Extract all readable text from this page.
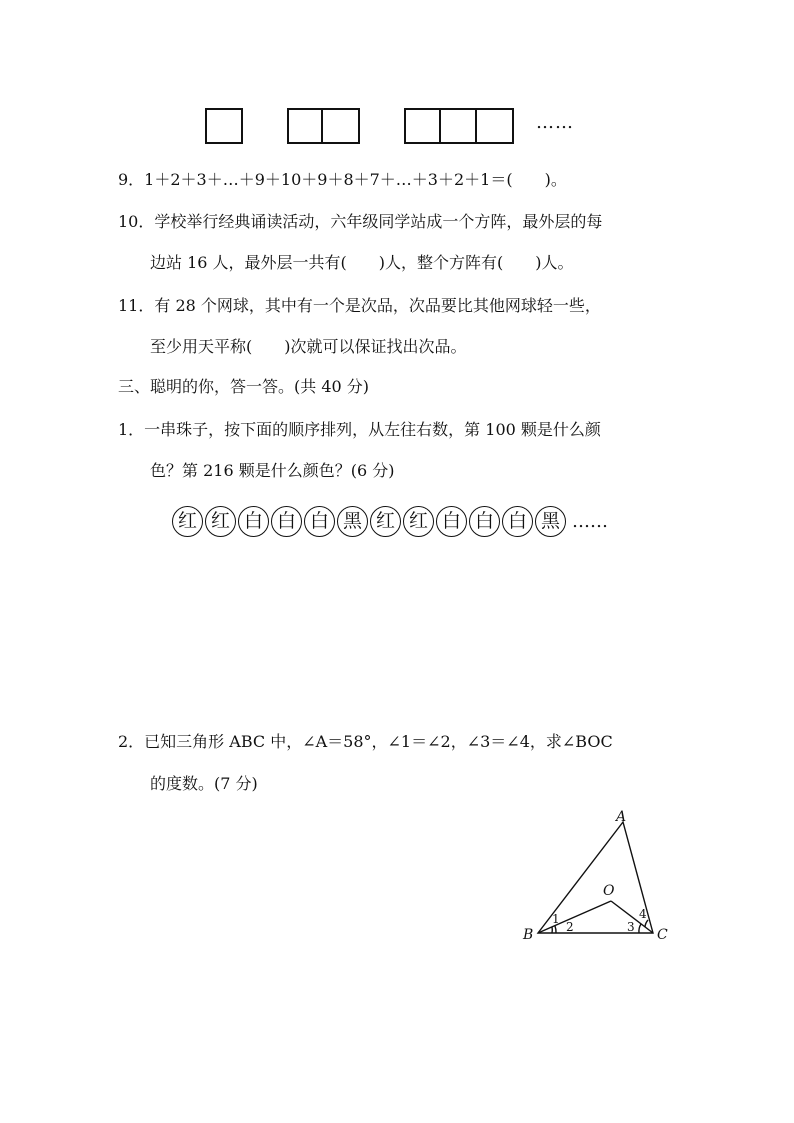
……
9．1＋2＋3＋…＋9＋10＋9＋8＋7＋…＋3＋2＋1＝(　　)。
10．学校举行经典诵读活动，六年级同学站成一个方阵，最外层的每
边站 16 人，最外层一共有(　　)人，整个方阵有(　　)人。
11．有 28 个网球，其中有一个是次品，次品要比其他网球轻一些，
至少用天平称(　　)次就可以保证找出次品。
三、聪明的你，答一答。(共 40 分)
1．一串珠子，按下面的顺序排列，从左往右数，第 100 颗是什么颜
色？第 216 颗是什么颜色？(6 分)
红 红 白 白 白 黑 红 红 白 白 白 黑 ……
2．已知三角形 ABC 中，∠A＝58°，∠1＝∠2，∠3＝∠4，求∠BOC
的度数。(7 分)
A
B	C
O
1
2	3
4
